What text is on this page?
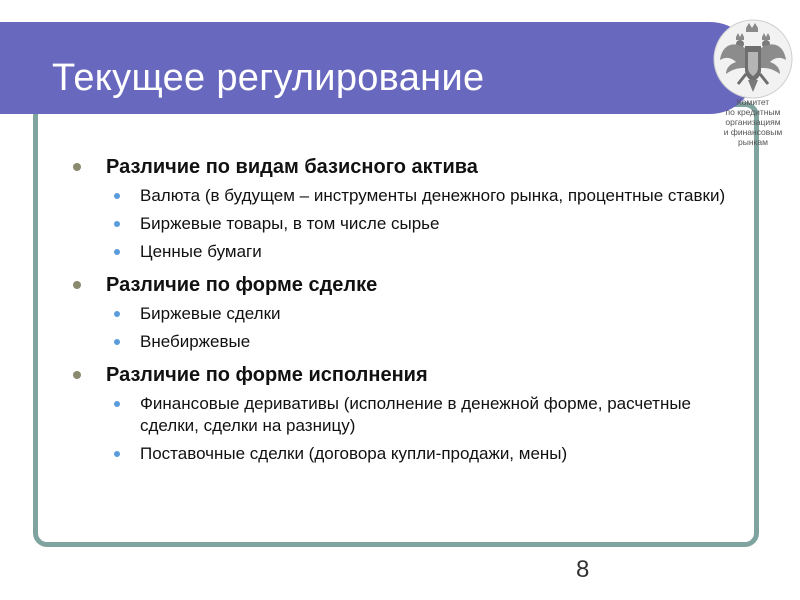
Текущее регулирование
Комитет
по кредитным
организациям
и финансовым
рынкам
Различие по видам базисного актива
Валюта (в будущем – инструменты денежного рынка, процентные ставки)
Биржевые товары, в том числе сырье
Ценные бумаги
Различие по форме сделке
Биржевые сделки
Внебиржевые
Различие по форме исполнения
Финансовые деривативы (исполнение в денежной форме, расчетные сделки, сделки на разницу)
Поставочные сделки (договора купли-продажи, мены)
8
